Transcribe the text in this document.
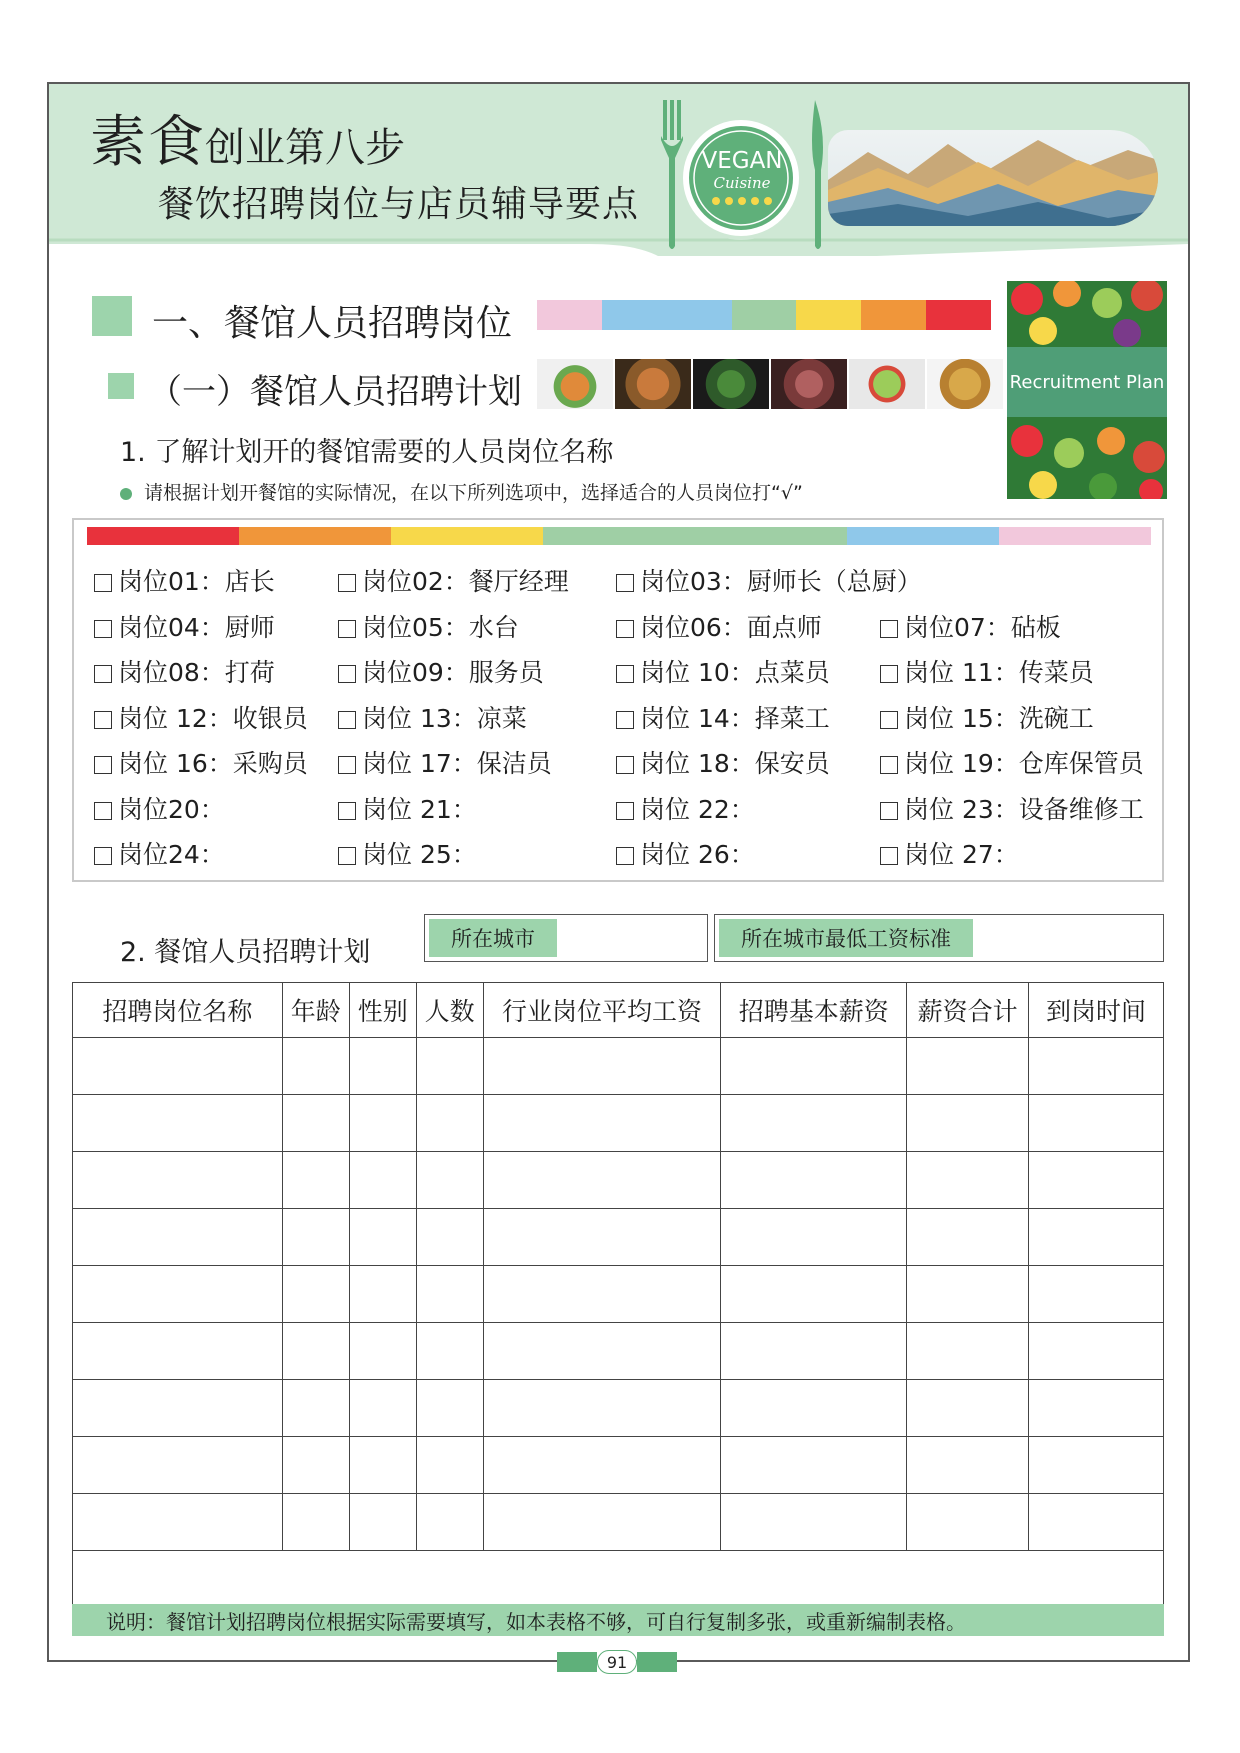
素食 创业第八步
餐饮招聘岗位与店员辅导要点
VEGAN
Cuisine
一、餐馆人员招聘岗位
（一）餐馆人员招聘计划	Recruitment Plan
1. 了解计划开的餐馆需要的人员岗位名称
请根据计划开餐馆的实际情况，在以下所列选项中，选择适合的人员岗位打“√”
岗位01：店长	岗位02：餐厅经理	岗位03：厨师长（总厨）
岗位04：厨师	岗位05：水台	岗位06：面点师	岗位07：砧板
岗位08：打荷	岗位09：服务员	岗位 10：点菜员	岗位 11：传菜员
岗位 12：收银员	岗位 13：凉菜	岗位 14：择菜工	岗位 15：洗碗工
岗位 16：采购员	岗位 17：保洁员	岗位 18：保安员	岗位 19：仓库保管员
岗位20：	岗位 21：	岗位 22：	岗位 23：设备维修工
岗位24：	岗位 25：	岗位 26：	岗位 27：
2. 餐馆人员招聘计划	所在城市	所在城市最低工资标准
招聘岗位名称	年龄	性别	人数	行业岗位平均工资	招聘基本薪资	薪资合计	到岗时间

说明：餐馆计划招聘岗位根据实际需要填写，如本表格不够，可自行复制多张，或重新编制表格。
91
